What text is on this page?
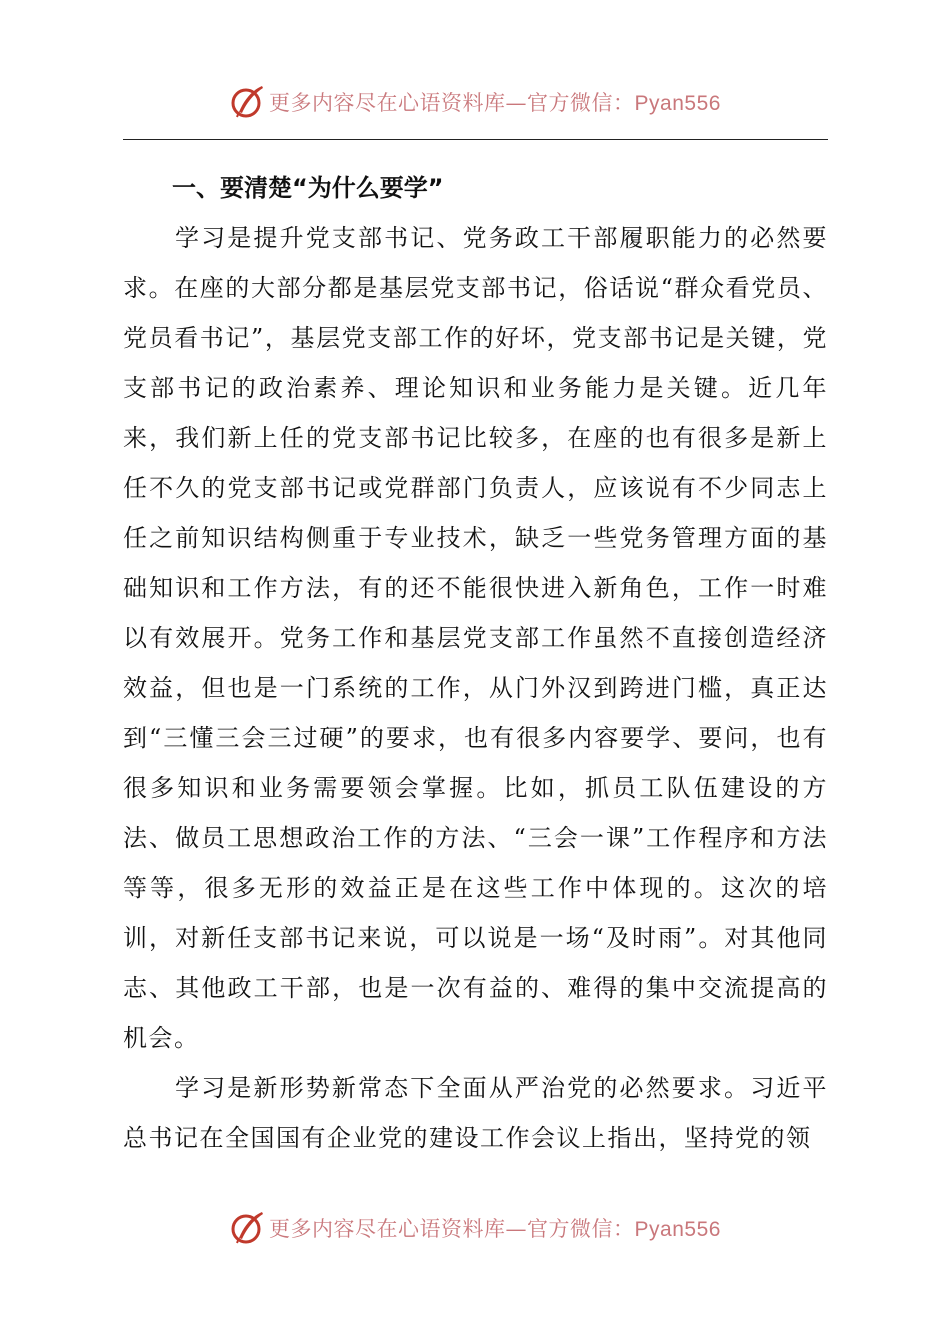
更多内容尽在心语资料库—官方微信：Pyan556
一、要清楚“为什么要学”

学习是提升党支部书记、党务政工干部履职能力的必然要求。在座的大部分都是基层党支部书记，俗话说“群众看党员、党员看书记”，基层党支部工作的好坏，党支部书记是关键，党支部书记的政治素养、理论知识和业务能力是关键。近几年来，我们新上任的党支部书记比较多，在座的也有很多是新上任不久的党支部书记或党群部门负责人，应该说有不少同志上任之前知识结构侧重于专业技术，缺乏一些党务管理方面的基础知识和工作方法，有的还不能很快进入新角色，工作一时难以有效展开。党务工作和基层党支部工作虽然不直接创造经济效益，但也是一门系统的工作，从门外汉到跨进门槛，真正达到“三懂三会三过硬”的要求，也有很多内容要学、要问，也有很多知识和业务需要领会掌握。比如，抓员工队伍建设的方法、做员工思想政治工作的方法、“三会一课”工作程序和方法等等，很多无形的效益正是在这些工作中体现的。这次的培训，对新任支部书记来说，可以说是一场“及时雨”。对其他同志、其他政工干部，也是一次有益的、难得的集中交流提高的机会。

学习是新形势新常态下全面从严治党的必然要求。习近平总书记在全国国有企业党的建设工作会议上指出，坚持党的领

更多内容尽在心语资料库—官方微信：Pyan556
